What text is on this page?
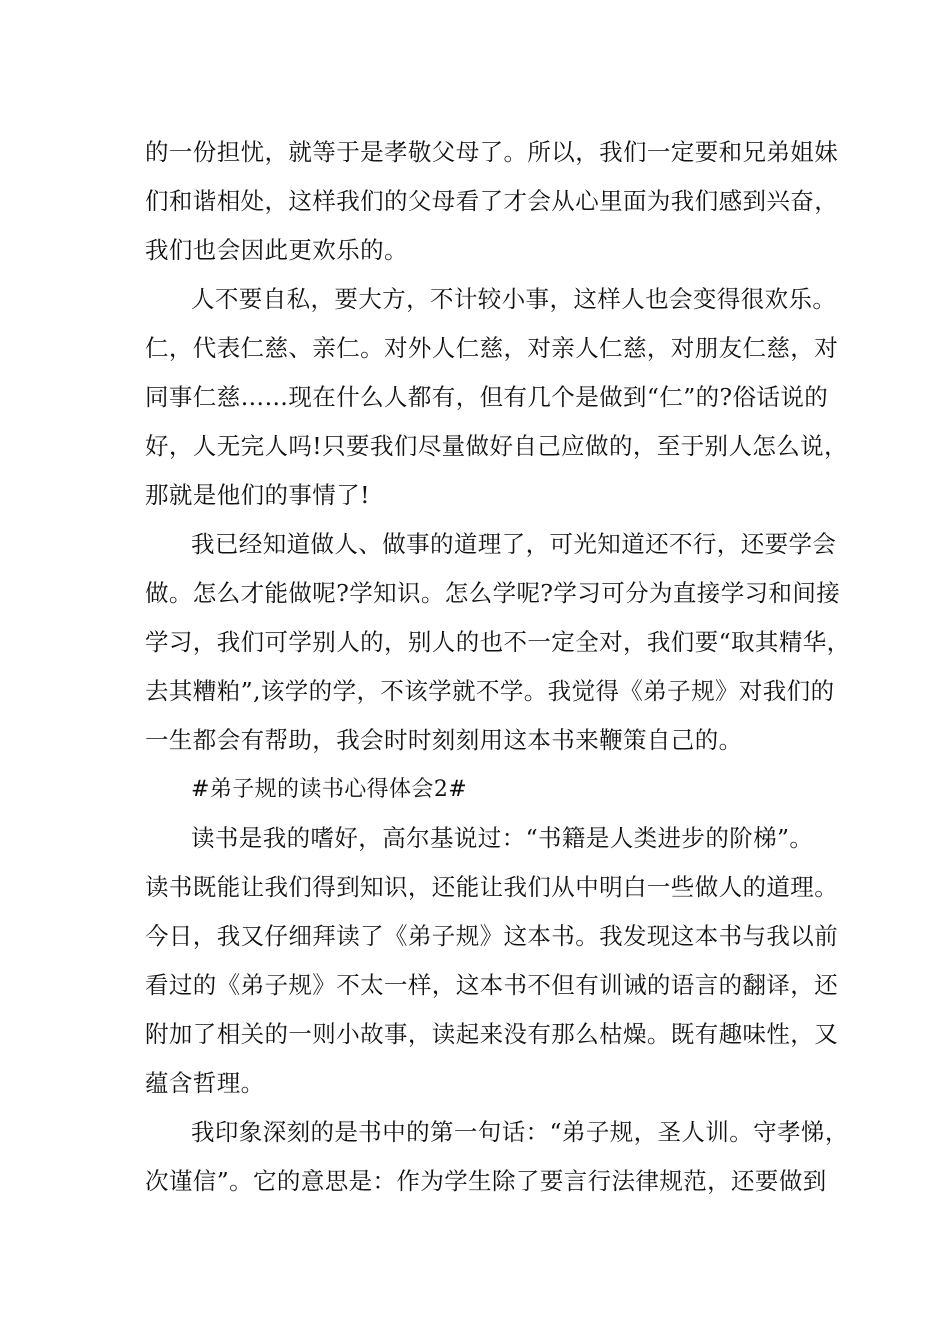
的一份担忧，就等于是孝敬父母了。所以，我们一定要和兄弟姐妹
们和谐相处，这样我们的父母看了才会从心里面为我们感到兴奋，
我们也会因此更欢乐的。
人不要自私，要大方，不计较小事，这样人也会变得很欢乐。
仁，代表仁慈、亲仁。对外人仁慈，对亲人仁慈，对朋友仁慈，对
同事仁慈……现在什么人都有，但有几个是做到“仁”的?俗话说的
好，人无完人吗!只要我们尽量做好自己应做的，至于别人怎么说，
那就是他们的事情了!
我已经知道做人、做事的道理了，可光知道还不行，还要学会
做。怎么才能做呢?学知识。怎么学呢?学习可分为直接学习和间接
学习，我们可学别人的，别人的也不一定全对，我们要“取其精华，
去其糟粕”,该学的学，不该学就不学。我觉得《弟子规》对我们的
一生都会有帮助，我会时时刻刻用这本书来鞭策自己的。
#弟子规的读书心得体会2#
读书是我的嗜好，高尔基说过：“书籍是人类进步的阶梯”。
读书既能让我们得到知识，还能让我们从中明白一些做人的道理。
今日，我又仔细拜读了《弟子规》这本书。我发现这本书与我以前
看过的《弟子规》不太一样，这本书不但有训诫的语言的翻译，还
附加了相关的一则小故事，读起来没有那么枯燥。既有趣味性，又
蕴含哲理。
我印象深刻的是书中的第一句话：“弟子规，圣人训。守孝悌，
次谨信”。它的意思是：作为学生除了要言行法律规范，还要做到
